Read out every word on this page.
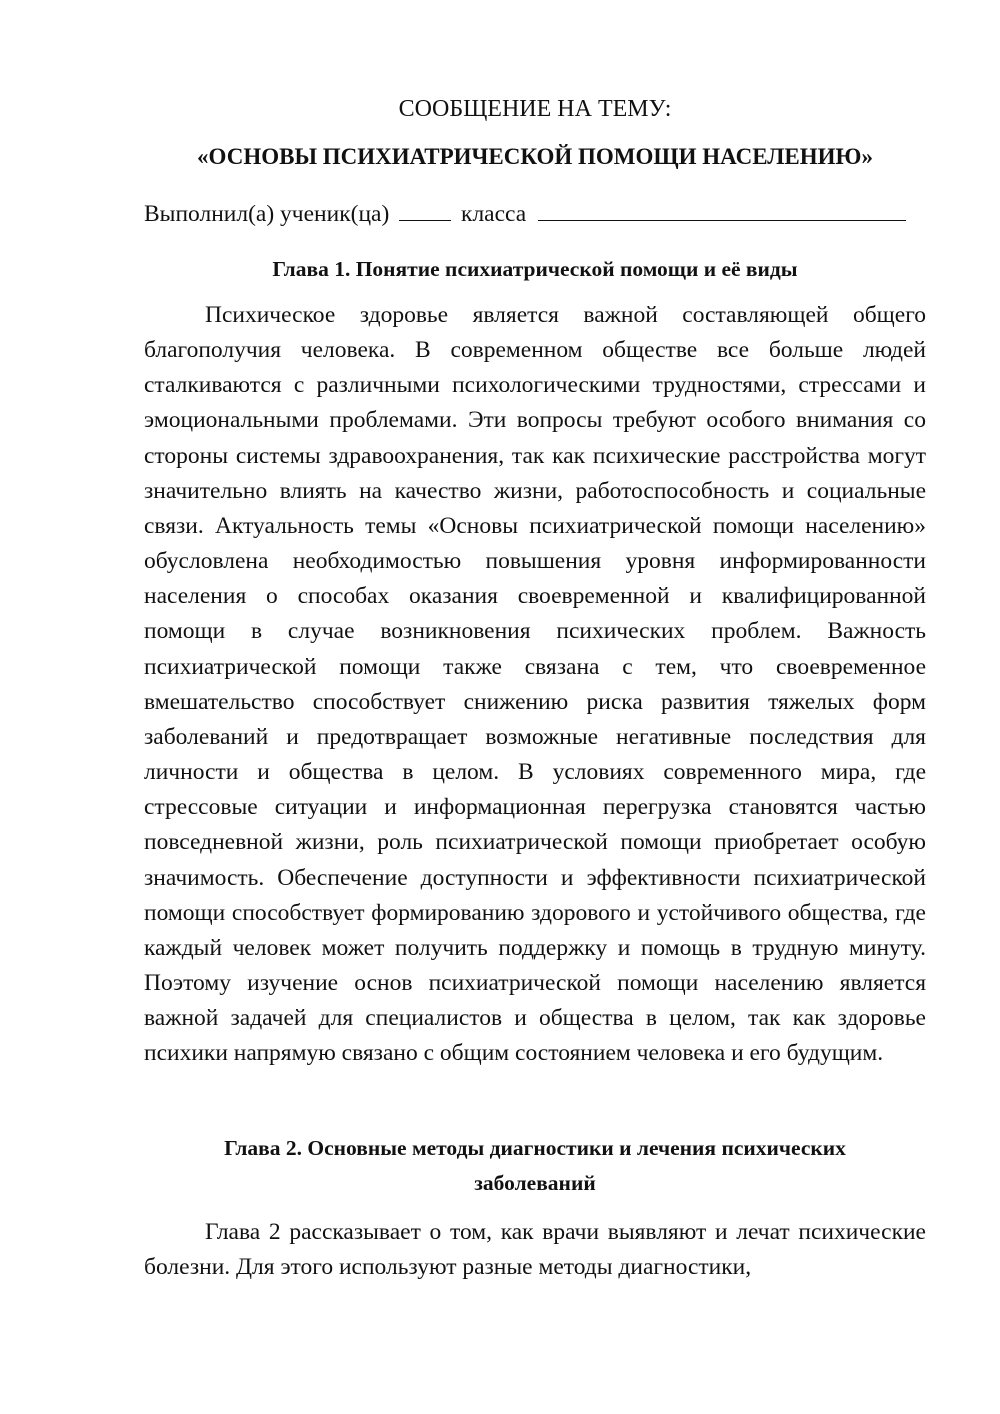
СООБЩЕНИЕ НА ТЕМУ:
«ОСНОВЫ ПСИХИАТРИЧЕСКОЙ ПОМОЩИ НАСЕЛЕНИЮ»
Выполнил(а) ученик(ца)	класса
Глава 1. Понятие психиатрической помощи и её виды

Психическое здоровье является важной составляющей общего благополучия человека. В современном обществе все больше людей сталкиваются с различными психологическими трудностями, стрессами и эмоциональными проблемами. Эти вопросы требуют особого внимания со стороны системы здравоохранения, так как психические расстройства могут значительно влиять на качество жизни, работоспособность и социальные связи. Актуальность темы «Основы психиатрической помощи населению» обусловлена необходимостью повышения уровня информированности населения о способах оказания своевременной и квалифицированной помощи в случае возникновения психических проблем. Важность психиатрической помощи также связана с тем, что своевременное вмешательство способствует снижению риска развития тяжелых форм заболеваний и предотвращает возможные негативные последствия для личности и общества в целом. В условиях современного мира, где стрессовые ситуации и информационная перегрузка становятся частью повседневной жизни, роль психиатрической помощи приобретает особую значимость. Обеспечение доступности и эффективности психиатрической помощи способствует формированию здорового и устойчивого общества, где каждый человек может получить поддержку и помощь в трудную минуту. Поэтому изучение основ психиатрической помощи населению является важной задачей для специалистов и общества в целом, так как здоровье психики напрямую связано с общим состоянием человека и его будущим.

Глава 2. Основные методы диагностики и лечения психических
заболеваний

Глава 2 рассказывает о том, как врачи выявляют и лечат психические болезни. Для этого используют разные методы диагностики,
